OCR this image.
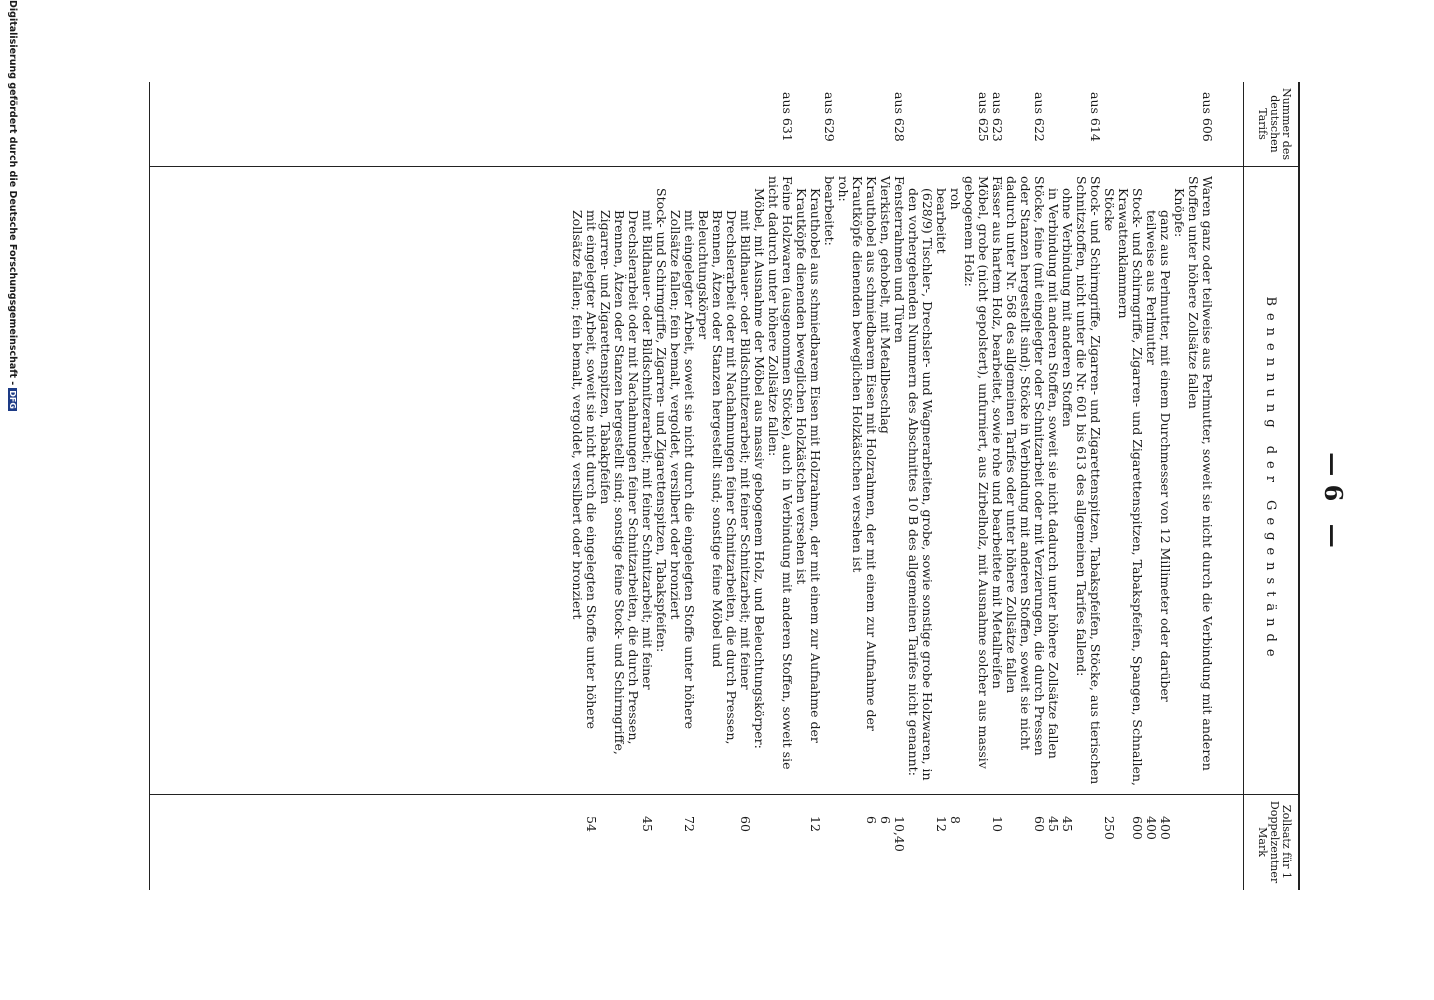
— 6 —
Nummer des deutschen Tarifs
Benennung der Gegenstände
Zollsatz für 1 Doppelzentner Mark
aus 606
Waren ganz oder teilweise aus Perlmutter, soweit sie nicht durch die Verbindung mit anderen Stoffen unter höhere Zollsätze fallen
Knöpfe:
ganz aus Perlmutter, mit einem Durchmesser von 12 Millimeter oder darüber
400
teilweise aus Perlmutter
400
Stock- und Schirmgriffe, Zigarren- und Zigarettenspitzen, Tabakspfeifen, Spangen, Schnallen, Krawattenklammern
600
Stöcke
250
aus 614
Stock- und Schirmgriffe, Zigarren- und Zigarettenspitzen, Tabakspfeifen, Stöcke, aus tierischen Schnitzstoffen, nicht unter die Nr. 601 bis 613 des allgemeinen Tarifes fallend:
ohne Verbindung mit anderen Stoffen
45
in Verbindung mit anderen Stoffen, soweit sie nicht dadurch unter höhere Zollsätze fallen
45
aus 622
Stöcke, feine (mit eingelegter oder Schnitzarbeit oder mit Verzierungen, die durch Pressen oder Stanzen hergestellt sind); Stöcke in Verbindung mit anderen Stoffen, soweit sie nicht dadurch unter Nr. 568 des allgemeinen Tarifes oder unter höhere Zollsätze fallen
60
aus 623
Fässer aus hartem Holz, bearbeitet, sowie rohe und bearbeitete mit Metallreifen
10
aus 625
Möbel, grobe (nicht gepolstert), unfurniert, aus Zirbelholz, mit Ausnahme solcher aus massiv gebogenem Holz:
roh
8
bearbeitet
12
(628/9) Tischler-, Drechsler- und Wagnerarbeiten, grobe, sowie sonstige grobe Holzwaren, in den vorhergehenden Nummern des Abschnittes 10 B des allgemeinen Tarifes nicht genannt:
aus 628
Fensterrahmen und Türen
10,40
Vierkisten, gehobelt, mit Metallbeschlag
6
Krauthobel aus schmiedbarem Eisen mit Holzrahmen, der mit einem zur Aufnahme der Krautköpfe dienenden beweglichen Holzkästchen versehen ist
6
roh:
aus 629
bearbeitet:
Krauthobel aus schmiedbarem Eisen mit Holzrahmen, der mit einem zur Aufnahme der Krautköpfe dienenden beweglichen Holzkästchen versehen ist
12
aus 631
Feine Holzwaren (ausgenommen Stöcke), auch in Verbindung mit anderen Stoffen, soweit sie nicht dadurch unter höhere Zollsätze fallen:
Möbel, mit Ausnahme der Möbel aus massiv gebogenem Holz, und Beleuchtungskörper:
mit Bildhauer- oder Bildschnitzerarbeit; mit feiner Schnitzarbeit; mit feiner Drechslerarbeit oder mit Nachahmungen feiner Schnitzarbeiten, die durch Pressen, Brennen, Ätzen oder Stanzen hergestellt sind; sonstige feine Möbel und Beleuchtungskörper
60
mit eingelegter Arbeit, soweit sie nicht durch die eingelegten Stoffe unter höhere Zollsätze fallen; fein bemalt, vergoldet, versilbert oder bronziert
72
Stock- und Schirmgriffe, Zigarren- und Zigarettenspitzen, Tabakspfeifen:
mit Bildhauer- oder Bildschnitzerarbeit; mit feiner Schnitzarbeit; mit feiner Drechslerarbeit oder mit Nachahmungen feiner Schnitzarbeiten, die durch Pressen, Brennen, Ätzen oder Stanzen hergestellt sind; sonstige feine Stock- und Schirmgriffe, Zigarren- und Zigarettenspitzen, Tabakpfeifen
45
mit eingelegter Arbeit, soweit sie nicht durch die eingelegten Stoffe unter höhere Zollsätze fallen; fein bemalt, vergoldet, versilbert oder bronziert
54
Digitalisierung gefördert durch die Deutsche Forschungsgemeinschaft -DFG
